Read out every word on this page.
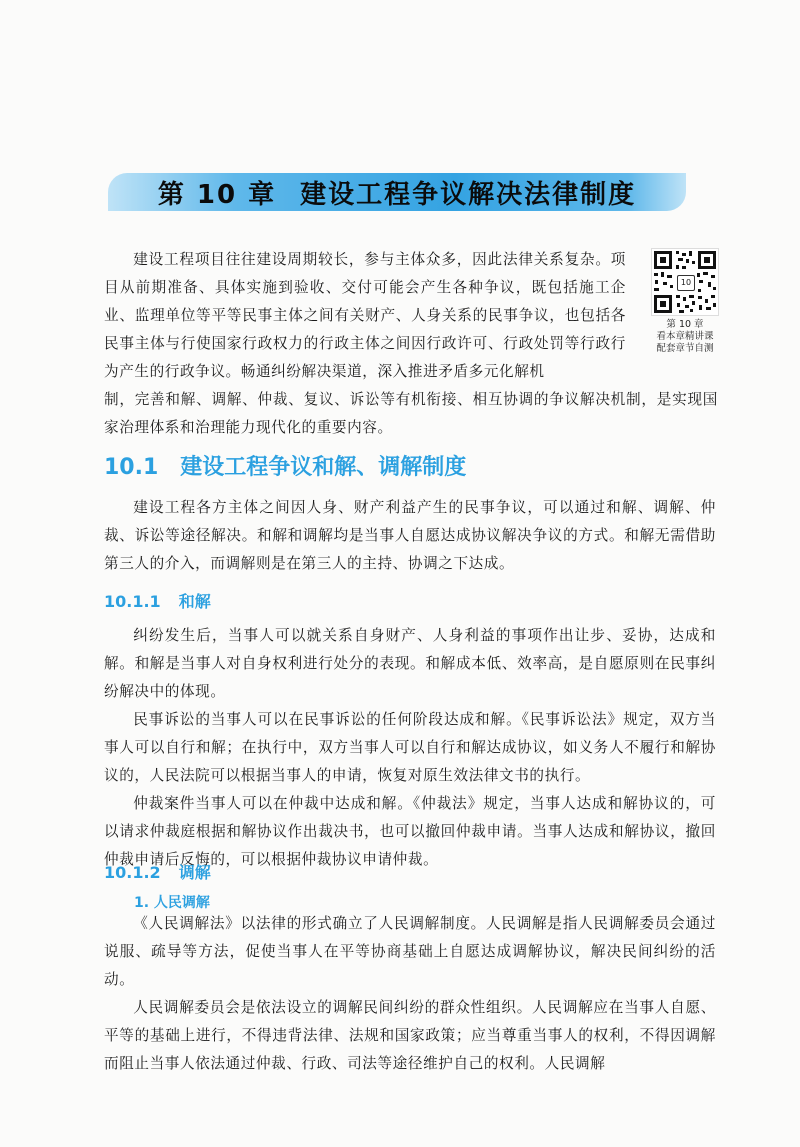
第 10 章 建设工程争议解决法律制度
10
第 10 章
看本章精讲课
配套章节自测

建设工程项目往往建设周期较长，参与主体众多，因此法律关系复杂。项目从前期准备、具体实施到验收、交付可能会产生各种争议，既包括施工企业、监理单位等平等民事主体之间有关财产、人身关系的民事争议，也包括各民事主体与行使国家行政权力的行政主体之间因行政许可、行政处罚等行政行为产生的行政争议。畅通纠纷解决渠道，深入推进矛盾多元化解机

制，完善和解、调解、仲裁、复议、诉讼等有机衔接、相互协调的争议解决机制，是实现国家治理体系和治理能力现代化的重要内容。

10.1 建设工程争议和解、调解制度

建设工程各方主体之间因人身、财产利益产生的民事争议，可以通过和解、调解、仲裁、诉讼等途径解决。和解和调解均是当事人自愿达成协议解决争议的方式。和解无需借助第三人的介入，而调解则是在第三人的主持、协调之下达成。

10.1.1 和解

纠纷发生后，当事人可以就关系自身财产、人身利益的事项作出让步、妥协，达成和解。和解是当事人对自身权利进行处分的表现。和解成本低、效率高，是自愿原则在民事纠纷解决中的体现。

民事诉讼的当事人可以在民事诉讼的任何阶段达成和解。《民事诉讼法》规定，双方当事人可以自行和解；在执行中，双方当事人可以自行和解达成协议，如义务人不履行和解协议的，人民法院可以根据当事人的申请，恢复对原生效法律文书的执行。

仲裁案件当事人可以在仲裁中达成和解。《仲裁法》规定，当事人达成和解协议的，可以请求仲裁庭根据和解协议作出裁决书，也可以撤回仲裁申请。当事人达成和解协议，撤回仲裁申请后反悔的，可以根据仲裁协议申请仲裁。

10.1.2 调解
1. 人民调解

《人民调解法》以法律的形式确立了人民调解制度。人民调解是指人民调解委员会通过说服、疏导等方法，促使当事人在平等协商基础上自愿达成调解协议，解决民间纠纷的活动。

人民调解委员会是依法设立的调解民间纠纷的群众性组织。人民调解应在当事人自愿、平等的基础上进行，不得违背法律、法规和国家政策；应当尊重当事人的权利，不得因调解而阻止当事人依法通过仲裁、行政、司法等途径维护自己的权利。人民调解
